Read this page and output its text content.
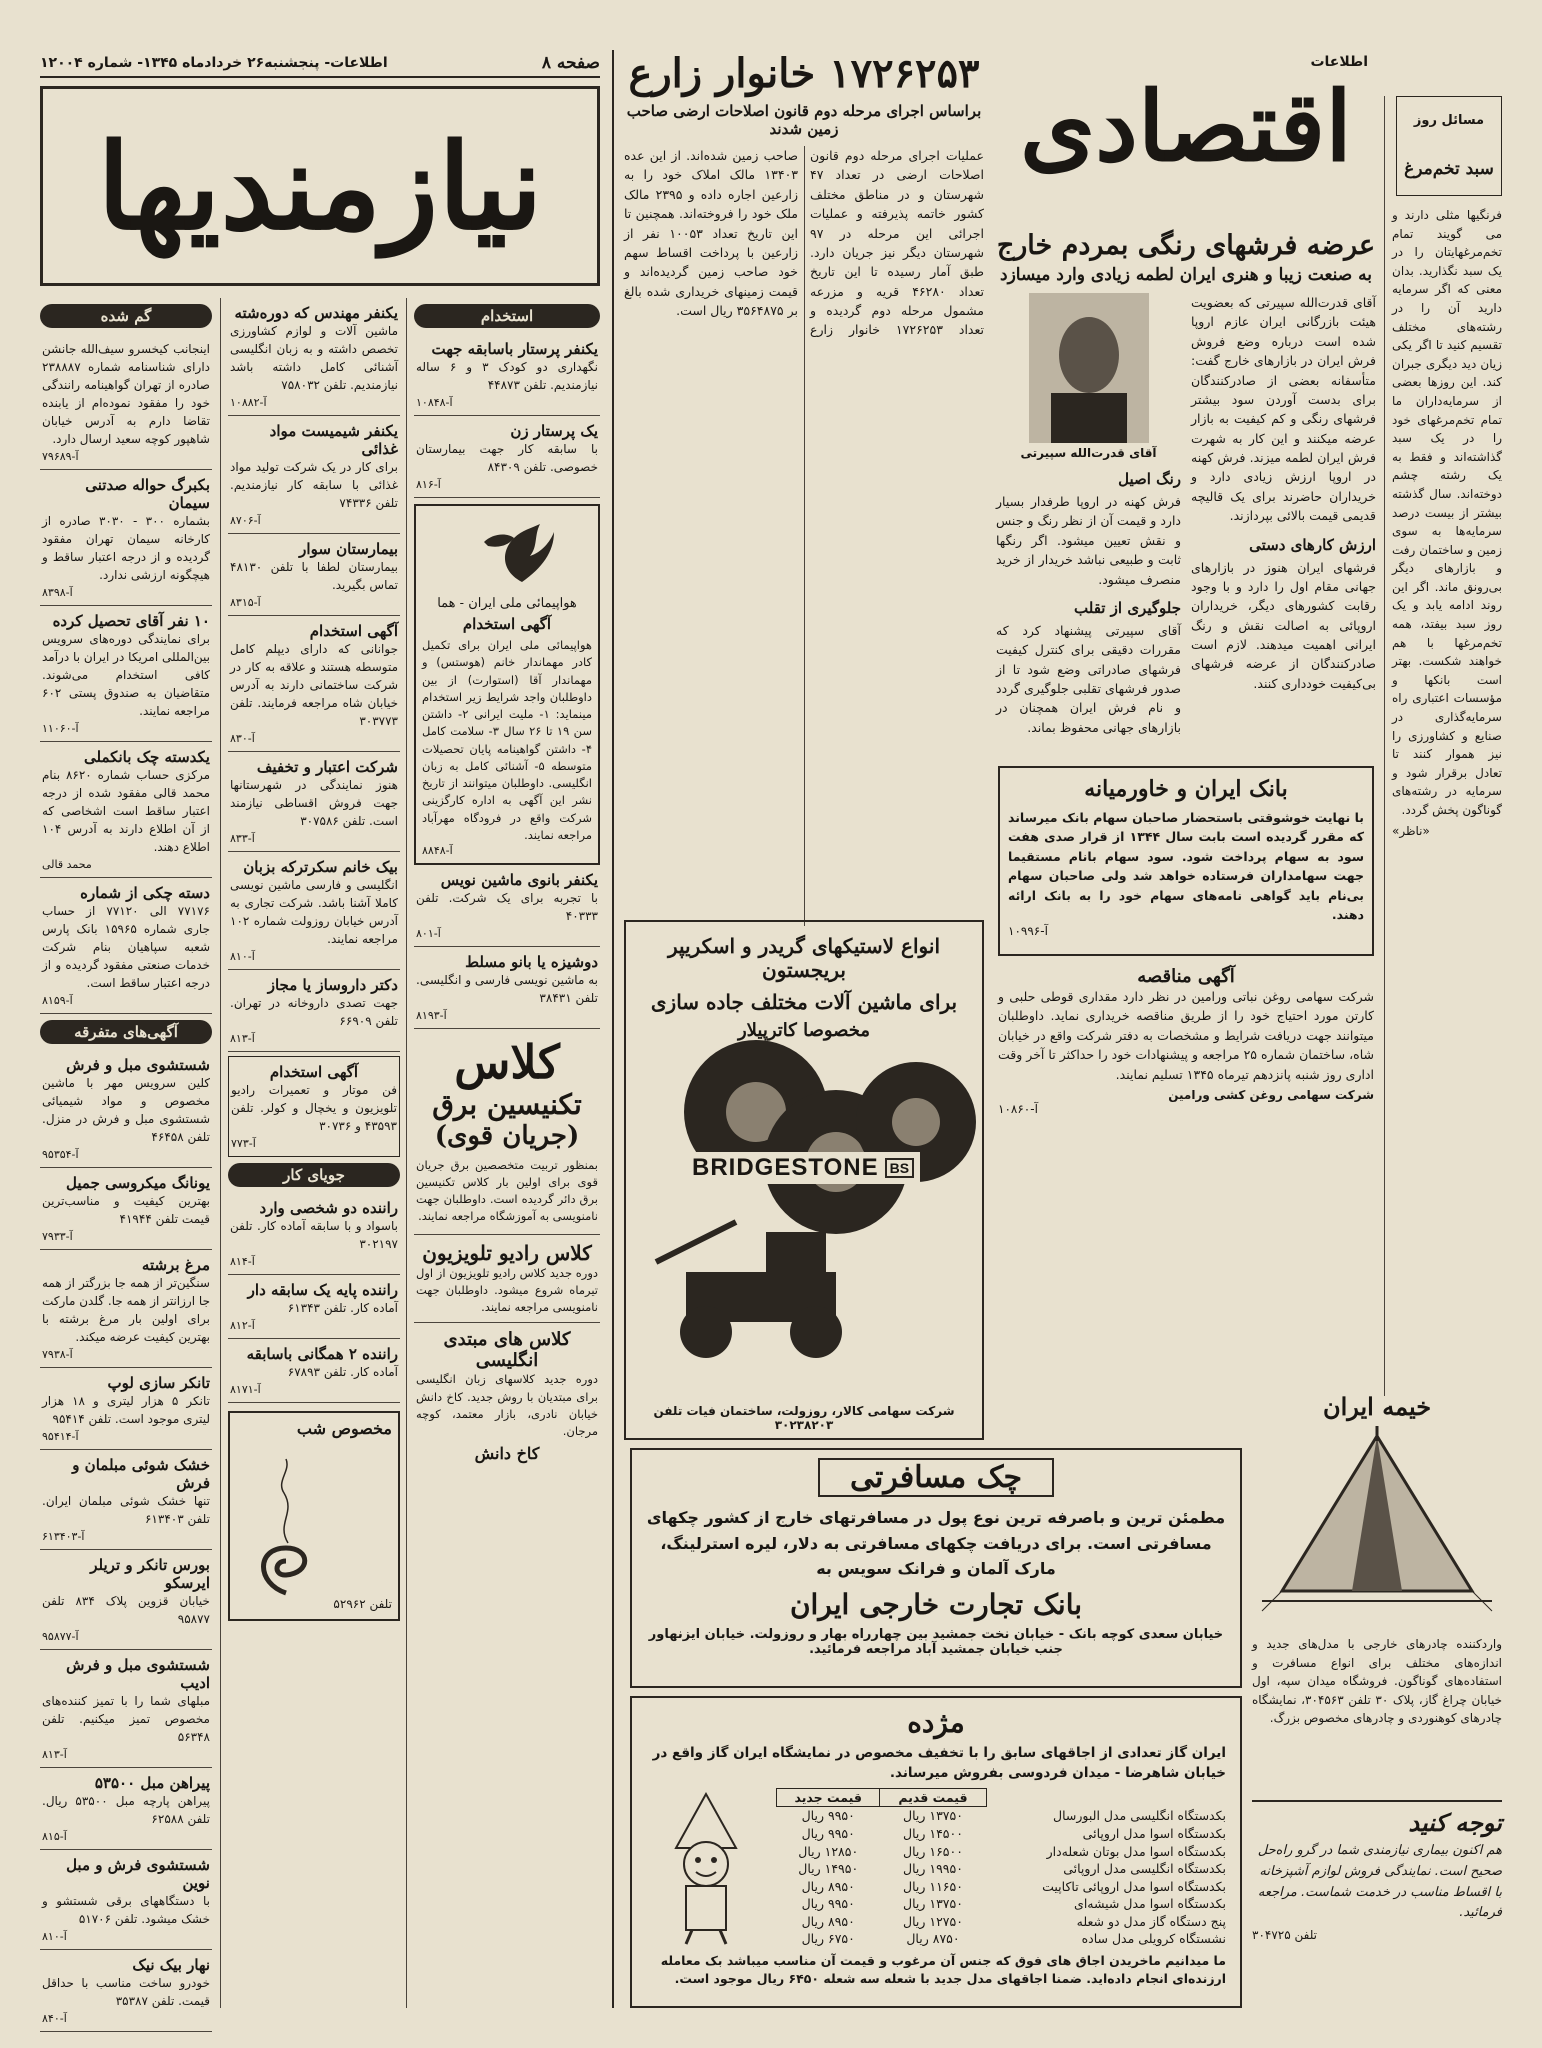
صفحه ۸
اطلاعات- پنجشنبه۲۶ خردادماه ۱۳۴۵- شماره ۱۲۰۰۴
نیازمندیها
گم شده
اینجانب کیخسرو سیف‌الله جانشن دارای شناسنامه شماره ۲۳۸۸۸۷ صادره از تهران گواهینامه رانندگی خود را مفقود نموده‌ام از یابنده تقاضا دارم به آدرس خیابان شاهپور کوچه سعید ارسال دارد.
آ-۷۹۶۸۹
بکبرگ حواله صدتنی سیمان
بشماره ۳۰۰ - ۳۰۳۰ صادره از کارخانه سیمان تهران مفقود گردیده و از درجه اعتبار ساقط و هیچگونه ارزشی ندارد.
آ-۸۳۹۸
۱۰ نفر آقای تحصیل کرده
برای نمایندگی دوره‌های سرویس بین‌المللی امریکا در ایران با درآمد کافی استخدام می‌شوند. متقاضیان به صندوق پستی ۶۰۲ مراجعه نمایند.
آ-۱۱۰۶۰
یکدسته چک بانکملی
مرکزی حساب شماره ۸۶۲۰ بنام محمد قالی مفقود شده از درجه اعتبار ساقط است اشخاصی که از آن اطلاع دارند به آدرس ۱۰۴ اطلاع دهند.
محمد قالی
دسته چکی از شماره
۷۷۱۷۶ الی ۷۷۱۲۰ از حساب جاری شماره ۱۵۹۶۵ بانک پارس شعبه سپاهیان بنام شرکت خدمات صنعتی مفقود گردیده و از درجه اعتبار ساقط است.
آ-۸۱۵۹
آگهی‌های متفرقه
شستشوی مبل و فرش
کلین سرویس مهر با ماشین مخصوص و مواد شیمیائی شستشوی مبل و فرش در منزل. تلفن ۴۶۴۵۸
آ-۹۵۳۵۴
یونانگ میکروسی جمیل
بهترین کیفیت و مناسب‌ترین قیمت تلفن ۴۱۹۴۴
آ-۷۹۳۳
مرغ برشته
سنگین‌تر از همه جا بزرگتر از همه جا ارزانتر از همه جا. گلدن مارکت برای اولین بار مرغ برشته با بهترین کیفیت عرضه میکند.
آ-۷۹۳۸
تانکر سازی لوپ
تانکر ۵ هزار لیتری و ۱۸ هزار لیتری موجود است. تلفن ۹۵۴۱۴
آ-۹۵۴۱۴
خشک شوئی مبلمان و فرش
تنها خشک شوئی مبلمان ایران. تلفن ۶۱۳۴۰۳
آ-۶۱۳۴۰۳
بورس تانکر و تریلر ایرسکو
خیابان قزوین پلاک ۸۳۴ تلفن ۹۵۸۷۷
آ-۹۵۸۷۷
شستشوی مبل و فرش ادیب
مبلهای شما را با تمیز کننده‌های مخصوص تمیز میکنیم. تلفن ۵۶۳۴۸
آ-۸۱۳
پیراهن مبل ۵۳۵۰۰
پیراهن پارچه مبل ۵۳۵۰۰ ریال. تلفن ۶۲۵۸۸
آ-۸۱۵
شستشوی فرش و مبل نوین
با دستگاههای برقی شستشو و خشک میشود. تلفن ۵۱۷۰۶
آ-۸۱۰
نهار بیک نیک
خودرو ساخت مناسب با حداقل قیمت. تلفن ۳۵۳۸۷
آ-۸۴۰
یکنفر مهندس که دوره‌شته
ماشین آلات و لوازم کشاورزی تخصص داشته و به زبان انگلیسی آشنائی کامل داشته باشد نیازمندیم. تلفن ۷۵۸۰۳۲
آ-۱۰۸۸۲
یکنفر شیمیست مواد غذائی
برای کار در یک شرکت تولید مواد غذائی با سابقه کار نیازمندیم. تلفن ۷۴۳۳۶
آ-۸۷۰۶
بیمارستان سوار
بیمارستان لطفا با تلفن ۴۸۱۳۰ تماس بگیرید.
آ-۸۳۱۵
آگهی استخدام
جوانانی که دارای دیپلم کامل متوسطه هستند و علاقه به کار در شرکت ساختمانی دارند به آدرس خیابان شاه مراجعه فرمایند. تلفن ۳۰۳۷۷۳
آ-۸۳۰
شرکت اعتبار و تخفیف
هنوز نمایندگی در شهرستانها جهت فروش اقساطی نیازمند است. تلفن ۳۰۷۵۸۶
آ-۸۳۳
بیک خانم سکرترکه بزبان
انگلیسی و فارسی ماشین نویسی کاملا آشنا باشد. شرکت تجاری به آدرس خیابان روزولت شماره ۱۰۲ مراجعه نمایند.
آ-۸۱۰
دکتر داروساز یا مجاز
جهت تصدی داروخانه در تهران. تلفن ۶۶۹۰۹
آ-۸۱۳
آگهی استخدام
فن موتار و تعمیرات رادیو تلویزیون و یخچال و کولر. تلفن ۴۳۵۹۳ و ۳۰۷۳۶
آ-۷۷۳
جویای کار
راننده دو شخصی وارد
باسواد و با سابقه آماده کار. تلفن ۳۰۲۱۹۷
آ-۸۱۴
راننده پایه یک سابقه دار
آماده کار. تلفن ۶۱۳۴۳
آ-۸۱۲
راننده ۲ همگانی باسابقه
آماده کار. تلفن ۶۷۸۹۳
آ-۸۱۷۱
مخصوص شب
تلفن ۵۲۹۶۲
استخدام
یکنفر پرستار باسابقه جهت
نگهداری دو کودک ۳ و ۶ ساله نیازمندیم. تلفن ۴۴۸۷۳
آ-۱۰۸۴۸
یک پرستار زن
با سابقه کار جهت بیمارستان خصوصی. تلفن ۸۴۳۰۹
آ-۸۱۶
هواپیمائی ملی ایران - هما
آگهی استخدام
هواپیمائی ملی ایران برای تکمیل کادر مهماندار خانم (هوستس) و مهماندار آقا (استوارت) از بین داوطلبان واجد شرایط زیر استخدام مینماید: ۱- ملیت ایرانی ۲- داشتن سن ۱۹ تا ۲۶ سال ۳- سلامت کامل ۴- داشتن گواهینامه پایان تحصیلات متوسطه ۵- آشنائی کامل به زبان انگلیسی. داوطلبان میتوانند از تاریخ نشر این آگهی به اداره کارگزینی شرکت واقع در فرودگاه مهرآباد مراجعه نمایند.
آ-۸۸۴۸
یکنفر بانوی ماشین نویس
با تجربه برای یک شرکت. تلفن ۴۰۳۳۳
آ-۸۰۱
دوشیزه یا بانو مسلط
به ماشین نویسی فارسی و انگلیسی. تلفن ۳۸۴۳۱
آ-۸۱۹۳
کلاس
تکنیسین برق
(جریان قوی)
بمنظور تربیت متخصصین برق جریان قوی برای اولین بار کلاس تکنیسین برق دائر گردیده است. داوطلبان جهت نامنویسی به آموزشگاه مراجعه نمایند.
کلاس رادیو تلویزیون
دوره جدید کلاس رادیو تلویزیون از اول تیرماه شروع میشود. داوطلبان جهت نامنویسی مراجعه نمایند.
کلاس های مبتدی انگلیسی
دوره جدید کلاسهای زبان انگلیسی برای مبتدیان با روش جدید. کاخ دانش خیابان نادری، بازار معتمد، کوچه مرجان.
کاخ دانش
۱۷۲۶۲۵۳ خانوار زارع
براساس اجرای مرحله دوم قانون اصلاحات ارضی صاحب زمین شدند
عملیات اجرای مرحله دوم قانون اصلاحات ارضی در تعداد ۴۷ شهرستان و در مناطق مختلف کشور خاتمه پذیرفته و عملیات اجرائی این مرحله در ۹۷ شهرستان دیگر نیز جریان دارد. طبق آمار رسیده تا این تاریخ تعداد ۴۶۲۸۰ قریه و مزرعه مشمول مرحله دوم گردیده و تعداد ۱۷۲۶۲۵۳ خانوار زارع صاحب زمین شده‌اند. از این عده ۱۳۴۰۳ مالک املاک خود را به زارعین اجاره داده و ۲۳۹۵ مالک ملک خود را فروخته‌اند. همچنین تا این تاریخ تعداد ۱۰۰۵۳ نفر از زارعین با پرداخت اقساط سهم خود صاحب زمین گردیده‌اند و قیمت زمینهای خریداری شده بالغ بر ۳۵۶۴۸۷۵ ریال است.
انواع لاستیکهای گریدر و اسکریپر بریجستون
برای ماشین آلات مختلف جاده سازی
مخصوصا کاترپیلار
BRIDGESTONE BS
شرکت سهامی کالار، روزولت، ساختمان فیات تلفن ۳۰۲۳۸۲۰۳
اطلاعات
اقتصادی	مسائل روز
سبد تخم‌مرغ
فرنگیها مثلی دارند و می گویند تمام تخم‌مرغهایتان را در یک سبد نگذارید. بدان معنی که اگر سرمایه دارید آن را در رشته‌های مختلف تقسیم کنید تا اگر یکی زیان دید دیگری جبران کند. این روزها بعضی از سرمایه‌داران ما تمام تخم‌مرغهای خود را در یک سبد گذاشته‌اند و فقط به یک رشته چشم دوخته‌اند. سال گذشته بیشتر از بیست درصد سرمایه‌ها به سوی زمین و ساختمان رفت و بازارهای دیگر بی‌رونق ماند. اگر این روند ادامه یابد و یک روز سبد بیفتد، همه تخم‌مرغها با هم خواهند شکست. بهتر است بانکها و مؤسسات اعتباری راه سرمایه‌گذاری در صنایع و کشاورزی را نیز هموار کنند تا تعادل برقرار شود و سرمایه در رشته‌های گوناگون پخش گردد.
«ناظر»
عرضه فرشهای رنگی بمردم خارج
به صنعت زیبا و هنری ایران لطمه زیادی وارد میسازد
آقای قدرت‌الله سپیرتی که بعضویت هیئت بازرگانی ایران عازم اروپا شده است درباره وضع فروش فرش ایران در بازارهای خارج گفت: متأسفانه بعضی از صادرکنندگان برای بدست آوردن سود بیشتر فرشهای رنگی و کم کیفیت به بازار عرضه میکنند و این کار به شهرت فرش ایران لطمه میزند. فرش کهنه در اروپا ارزش زیادی دارد و خریداران حاضرند برای یک قالیچه قدیمی قیمت بالائی بپردازند.
ارزش کارهای دستی
فرشهای ایران هنوز در بازارهای جهانی مقام اول را دارد و با وجود رقابت کشورهای دیگر، خریداران اروپائی به اصالت نقش و رنگ ایرانی اهمیت میدهند. لازم است صادرکنندگان از عرضه فرشهای بی‌کیفیت خودداری کنند.
آقای قدرت‌الله سپیرتی
رنگ اصیل
فرش کهنه در اروپا طرفدار بسیار دارد و قیمت آن از نظر رنگ و جنس و نقش تعیین میشود. اگر رنگها ثابت و طبیعی نباشد خریدار از خرید منصرف میشود.
جلوگیری از تقلب
آقای سپیرتی پیشنهاد کرد که مقررات دقیقی برای کنترل کیفیت فرشهای صادراتی وضع شود تا از صدور فرشهای تقلبی جلوگیری گردد و نام فرش ایران همچنان در بازارهای جهانی محفوظ بماند.
بانک ایران و خاورمیانه
با نهایت خوشوقتی باستحضار صاحبان سهام بانک میرساند که مقرر گردیده است بابت سال ۱۳۴۴ از قرار صدی هفت سود به سهام پرداخت شود. سود سهام بانام مستقیما جهت سهامداران فرستاده خواهد شد ولی صاحبان سهام بی‌نام باید گواهی نامه‌های سهام خود را به بانک ارائه دهند.
آ-۱۰۹۹۶
آگهی مناقصه
شرکت سهامی روغن نباتی ورامین در نظر دارد مقداری قوطی حلبی و کارتن مورد احتیاج خود را از طریق مناقصه خریداری نماید. داوطلبان میتوانند جهت دریافت شرایط و مشخصات به دفتر شرکت واقع در خیابان شاه، ساختمان شماره ۲۵ مراجعه و پیشنهادات خود را حداکثر تا آخر وقت اداری روز شنبه پانزدهم تیرماه ۱۳۴۵ تسلیم نمایند.
شرکت سهامی روغن کشی ورامین
آ-۱۰۸۶۰
خیمه ایران
واردکننده چادرهای خارجی با مدل‌های جدید و اندازه‌های مختلف برای انواع مسافرت و استفاده‌های گوناگون. فروشگاه میدان سپه، اول خیابان چراغ گاز، پلاک ۳۰ تلفن ۳۰۴۵۶۳، نمایشگاه چادرهای کوهنوردی و چادرهای مخصوص بزرگ.
چک مسافرتی
مطمئن ترین و باصرفه ترین نوع پول در مسافرتهای خارج از کشور چکهای مسافرتی است. برای دریافت چکهای مسافرتی به دلار، لیره استرلینگ، مارک آلمان و فرانک سویس به
بانک تجارت خارجی ایران
خیابان سعدی کوچه بانک - خیابان نخت جمشید بین چهارراه بهار و روزولت. خیابان ایزنهاور جنب خیابان جمشید آباد مراجعه فرمائید.
مژده
ایران گاز تعدادی از اجاقهای سابق را با تخفیف مخصوص در نمایشگاه ایران گاز واقع در خیابان شاهرضا - میدان فردوسی بفروش میرساند.
	قیمت قدیم	قیمت جدید
بکدستگاه انگلیسی مدل البورسال	۱۳۷۵۰ ریال	۹۹۵۰ ریال
بکدستگاه اسوا مدل اروپائی	۱۴۵۰۰ ریال	۹۹۵۰ ریال
بکدستگاه اسوا مدل بوتان شعله‌دار	۱۶۵۰۰ ریال	۱۲۸۵۰ ریال
بکدستگاه انگلیسی مدل اروپائی	۱۹۹۵۰ ریال	۱۴۹۵۰ ریال
بکدستگاه اسوا مدل اروپائی تاکاپیت	۱۱۶۵۰ ریال	۸۹۵۰ ریال
بکدستگاه اسوا مدل شیشه‌ای	۱۳۷۵۰ ریال	۹۹۵۰ ریال
پنج دستگاه گاز مدل دو شعله	۱۲۷۵۰ ریال	۸۹۵۰ ریال
نشستگاه کرویلی مدل ساده	۸۷۵۰ ریال	۶۷۵۰ ریال
ما میدانیم ماخریدن اجاق های فوق که جنس آن مرغوب و قیمت آن مناسب میباشد بک معامله ارزنده‌ای انجام داده‌اید. ضمنا اجاقهای مدل جدید با شعله سه شعله ۶۴۵۰ ریال موجود است.
توجه کنید
هم اکنون بیماری نیازمندی شما در گرو راه‌حل صحیح است. نمایندگی فروش لوازم آشپزخانه با اقساط مناسب در خدمت شماست. مراجعه فرمائید.
تلفن ۳۰۴۷۲۵
